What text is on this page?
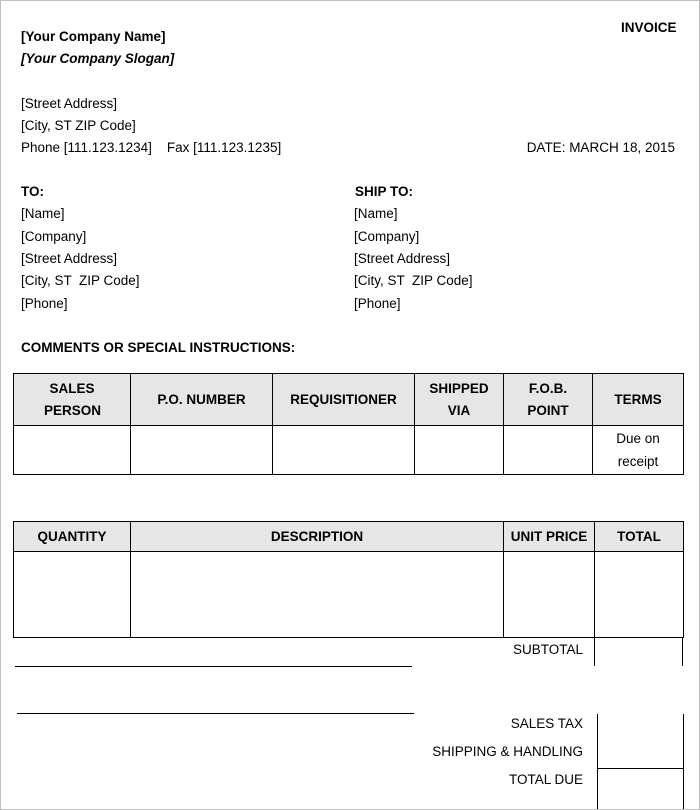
INVOICE
[Your Company Name]
[Your Company Slogan]
[Street Address]
[City, ST ZIP Code]
Phone [111.123.1234]    Fax [111.123.1235]	DATE: MARCH 18, 2015
TO:
[Name]
[Company]
[Street Address]
[City, ST  ZIP Code]
[Phone]
SHIP TO:
[Name]
[Company]
[Street Address]
[City, ST  ZIP Code]
[Phone]
COMMENTS OR SPECIAL INSTRUCTIONS:
SALES PERSON	P.O. NUMBER	REQUISITIONER	SHIPPED VIA	F.O.B. POINT	TERMS
					Due on receipt
QUANTITY	DESCRIPTION	UNIT PRICE	TOTAL

SUBTOTAL
SALES TAX
SHIPPING & HANDLING
TOTAL DUE
